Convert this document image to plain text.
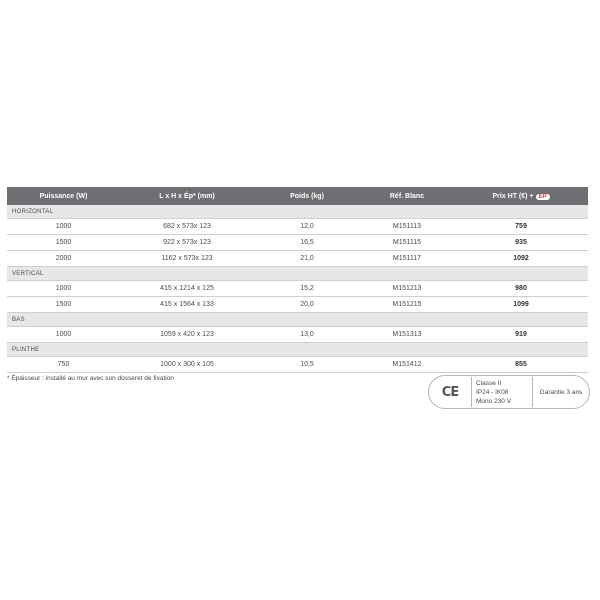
Puissance (W)	L x H x Ép* (mm)	Poids (kg)	Réf. Blanc	Prix HT (€) + EP
HORIZONTAL
1000	682 x 573x 123	12,0	M151113	759
1500	922 x 573x 123	16,5	M151115	935
2000	1162 x 573x 123	21,0	M151117	1092
VERTICAL
1000	415 x 1214 x 125	15,2	M151213	980
1500	415 x 1564 x 133	20,0	M151215	1099
BAS
1000	1059 x 420 x 123	13,0	M151313	919
PLINTHE
750	1000 x 300 x 105	10,5	M151412	855
* Épaisseur : installé au mur avec son dosseret de fixation
CE
Classe II
IP24 - IK08
Mono 230 V
Garantie 3 ans
